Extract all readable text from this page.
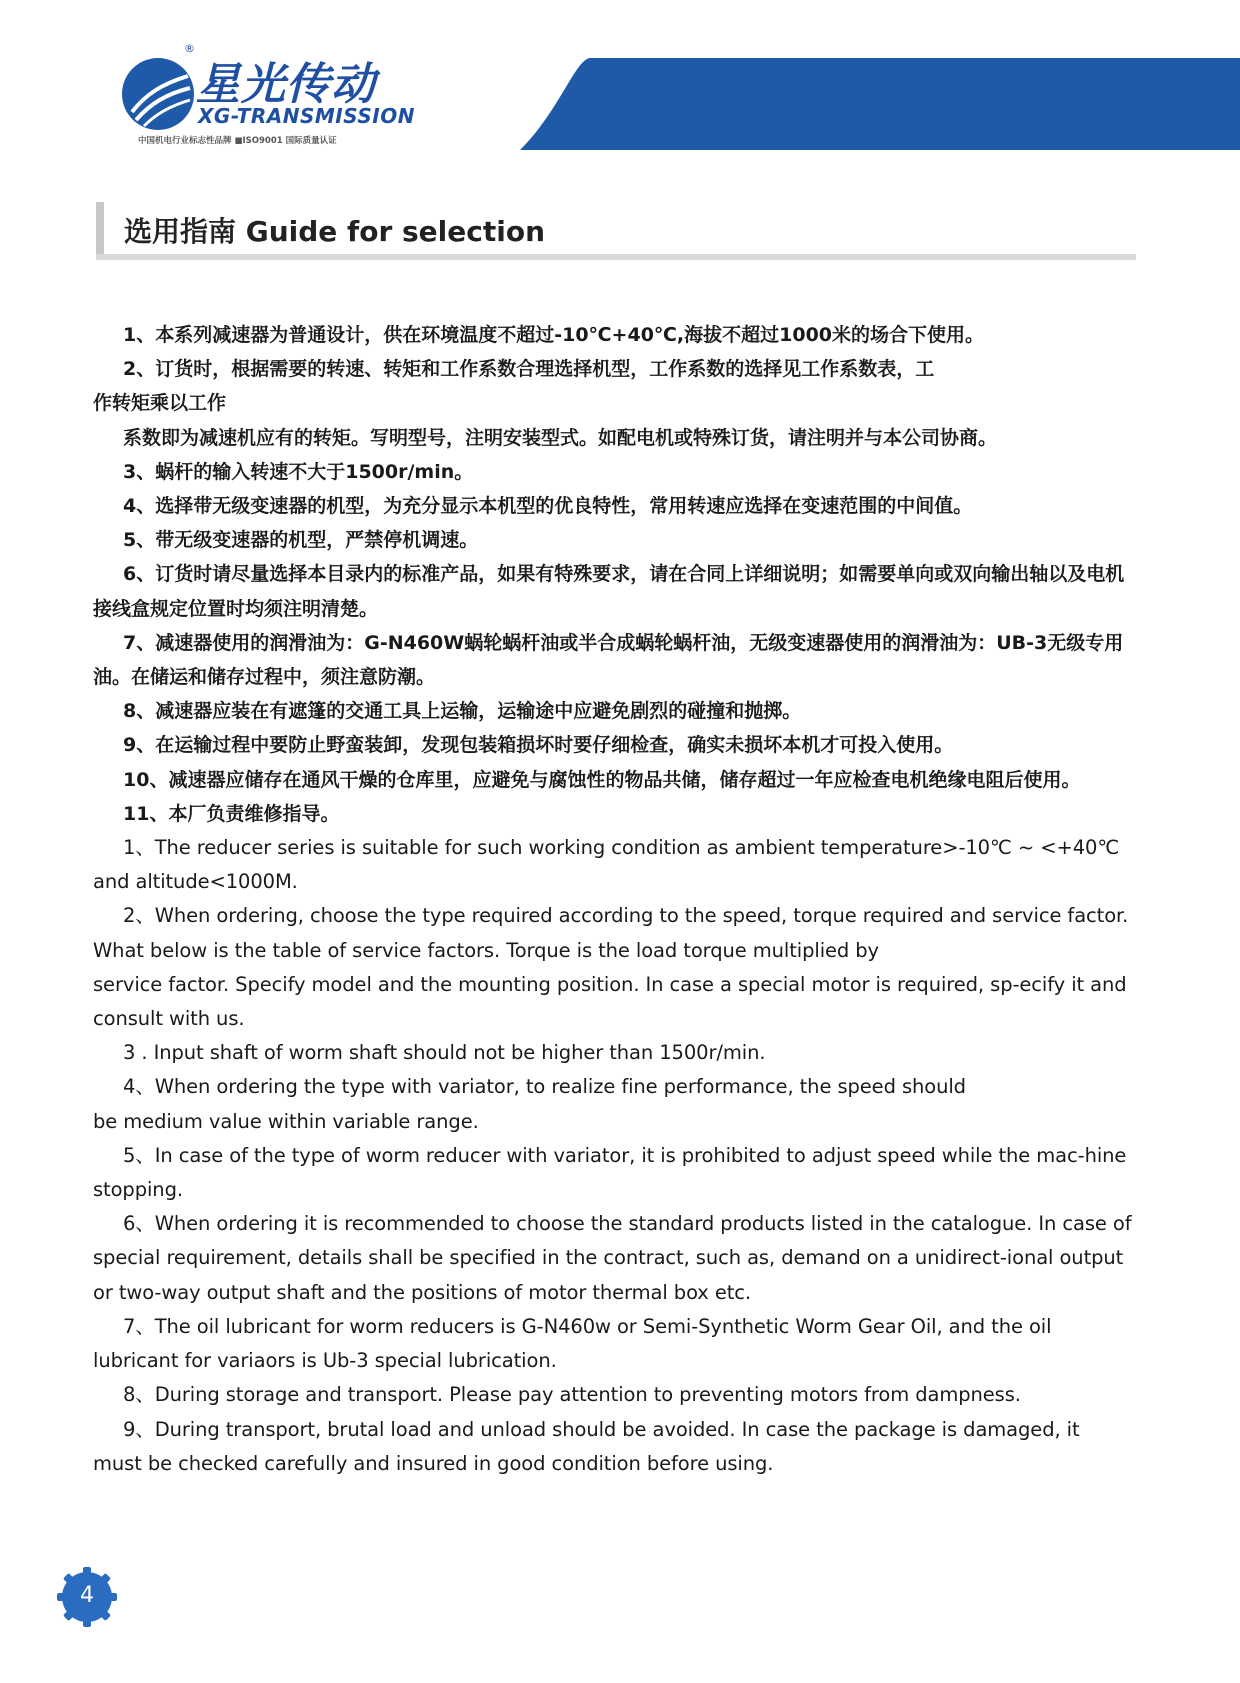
®
星光传动
XG-TRANSMISSION
中国机电行业标志性品牌 ■ISO9001 国际质量认证
选用指南 Guide for selection

1、本系列减速器为普通设计，供在环境温度不超过-10℃+40℃,海拔不超过1000米的场合下使用。

2、订货时，根据需要的转速、转矩和工作系数合理选择机型，工作系数的选择见工作系数表，工

作转矩乘以工作

系数即为减速机应有的转矩。写明型号，注明安装型式。如配电机或特殊订货，请注明并与本公司协商。

3、蜗杆的输入转速不大于1500r/min。

4、选择带无级变速器的机型，为充分显示本机型的优良特性，常用转速应选择在变速范围的中间值。

5、带无级变速器的机型，严禁停机调速。

6、订货时请尽量选择本目录内的标准产品，如果有特殊要求，请在合同上详细说明；如需要单向或双向输出轴以及电机接线盒规定位置时均须注明清楚。

7、减速器使用的润滑油为：G-N460W蜗轮蜗杆油或半合成蜗轮蜗杆油，无级变速器使用的润滑油为：UB-3无级专用油。在储运和储存过程中，须注意防潮。

8、减速器应装在有遮篷的交通工具上运输，运输途中应避免剧烈的碰撞和抛掷。

9、在运输过程中要防止野蛮装卸，发现包装箱损坏时要仔细检查，确实未损坏本机才可投入使用。

10、减速器应储存在通风干燥的仓库里，应避免与腐蚀性的物品共储，储存超过一年应检查电机绝缘电阻后使用。

11、本厂负责维修指导。

1、The reducer series is suitable for such working condition as ambient temperature>-10℃ ~ <+40℃ and altitude<1000M.

2、When ordering, choose the type required according to the speed, torque required and service factor. What below is the table of service factors. Torque is the load torque multiplied by

service factor. Specify model and the mounting position. In case a special motor is required, sp-ecify it and consult with us.

3 . Input shaft of worm shaft should not be higher than 1500r/min.

4、When ordering the type with variator, to realize fine performance, the speed should

be medium value within variable range.

5、In case of the type of worm reducer with variator, it is prohibited to adjust speed while the mac-hine stopping.

6、When ordering it is recommended to choose the standard products listed in the catalogue. In case of special requirement, details shall be specified in the contract, such as, demand on a unidirect-ional output or two-way output shaft and the positions of motor thermal box etc.

7、The oil lubricant for worm reducers is G-N460w or Semi-Synthetic Worm Gear Oil, and the oil lubricant for variaors is Ub-3 special lubrication.

8、During storage and transport. Please pay attention to preventing motors from dampness.

9、During transport, brutal load and unload should be avoided. In case the package is damaged, it must be checked carefully and insured in good condition before using.

4
